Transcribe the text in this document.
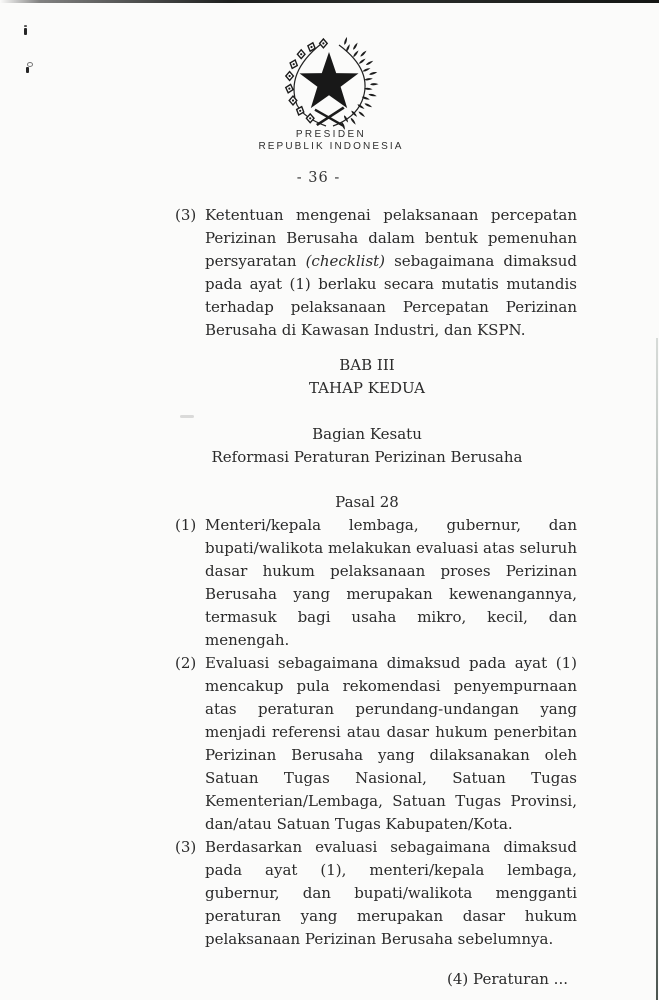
PRESIDEN
REPUBLIK INDONESIA
- 36 -
(3) Ketentuan mengenai pelaksanaan percepatan Perizinan Berusaha dalam bentuk pemenuhan persyaratan (checklist) sebagaimana dimaksud pada ayat (1) berlaku secara mutatis mutandis terhadap pelaksanaan Percepatan Perizinan Berusaha di Kawasan Industri, dan KSPN.
BAB III
TAHAP KEDUA
Bagian Kesatu
Reformasi Peraturan Perizinan Berusaha
Pasal 28
(1) Menteri/kepala lembaga, gubernur, dan bupati/walikota melakukan evaluasi atas seluruh dasar hukum pelaksanaan proses Perizinan Berusaha yang merupakan kewenangannya, termasuk bagi usaha mikro, kecil, dan menengah.
(2) Evaluasi sebagaimana dimaksud pada ayat (1) mencakup pula rekomendasi penyempurnaan atas peraturan perundang-undangan yang menjadi referensi atau dasar hukum penerbitan Perizinan Berusaha yang dilaksanakan oleh Satuan Tugas Nasional, Satuan Tugas Kementerian/Lembaga, Satuan Tugas Provinsi, dan/atau Satuan Tugas Kabupaten/Kota.
(3) Berdasarkan evaluasi sebagaimana dimaksud pada ayat (1), menteri/kepala lembaga, gubernur, dan bupati/walikota mengganti peraturan yang merupakan dasar hukum pelaksanaan Perizinan Berusaha sebelumnya.
(4) Peraturan ...
